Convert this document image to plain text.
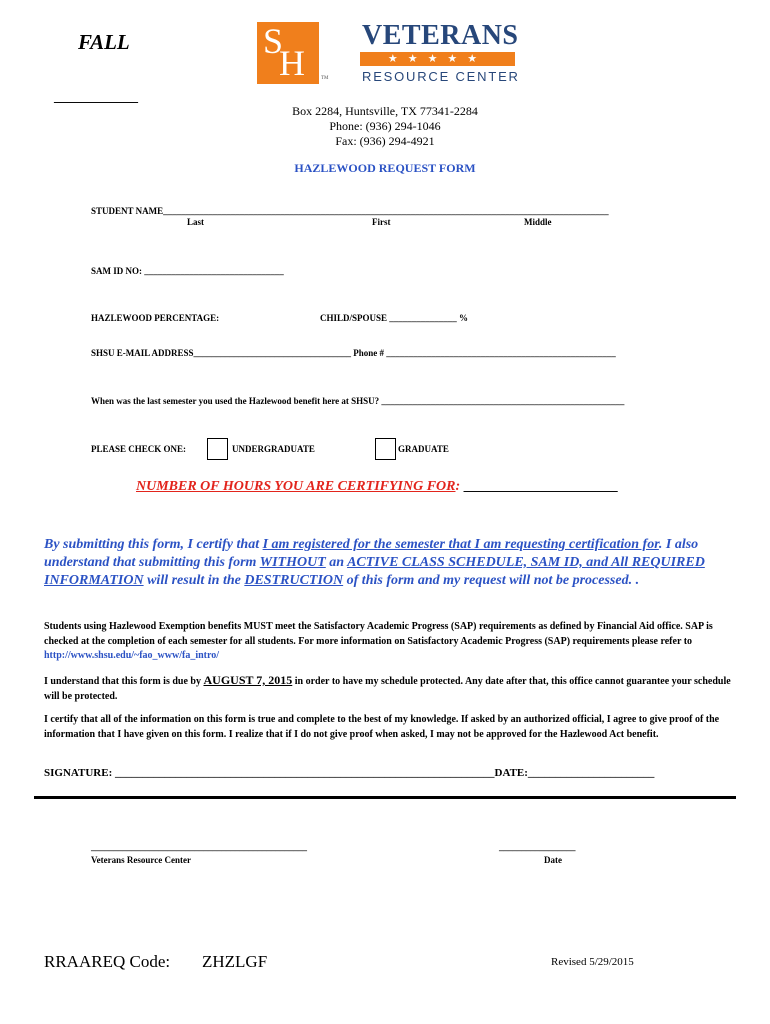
FALL
____________
S
H	TM
VETERANS
★★★★★
RESOURCE CENTER
Box 2284, Huntsville, TX 77341-2284
Phone: (936) 294-1046
Fax: (936) 294-4921
HAZLEWOOD REQUEST FORM
STUDENT NAME___________________________________________________________________________________________________
Last	First	Middle
SAM ID NO: _______________________________
HAZLEWOOD PERCENTAGE:	CHILD/SPOUSE _______________ %
SHSU E-MAIL ADDRESS___________________________________ Phone # ___________________________________________________
When was the last semester you used the Hazlewood benefit here at SHSU? ______________________________________________________
PLEASE CHECK ONE:	UNDERGRADUATE	GRADUATE
NUMBER OF HOURS YOU ARE CERTIFYING FOR: ______________________
By submitting this form, I certify that I am registered for the semester that I am requesting certification for. I also understand that submitting this form WITHOUT an ACTIVE CLASS SCHEDULE, SAM ID, and All REQUIRED INFORMATION will result in the DESTRUCTION of this form and my request will not be processed. .
Students using Hazlewood Exemption benefits MUST meet the Satisfactory Academic Progress (SAP) requirements as defined by Financial Aid office. SAP is checked at the completion of each semester for all students. For more information on Satisfactory Academic Progress (SAP) requirements please refer to http://www.shsu.edu/~fao_www/fa_intro/
I understand that this form is due by AUGUST 7, 2015 in order to have my schedule protected. Any date after that, this office cannot guarantee your schedule will be protected.
I certify that all of the information on this form is true and complete to the best of my knowledge. If asked by an authorized official, I agree to give proof of the information that I have given on this form. I realize that if I do not give proof when asked, I may not be approved for the Hazlewood Act benefit.
SIGNATURE: _____________________________________________________________________DATE:_______________________
________________________________________________
Veterans Resource Center
_________________
Date
RRAAREQ Code: ZHZLGF	Revised 5/29/2015
